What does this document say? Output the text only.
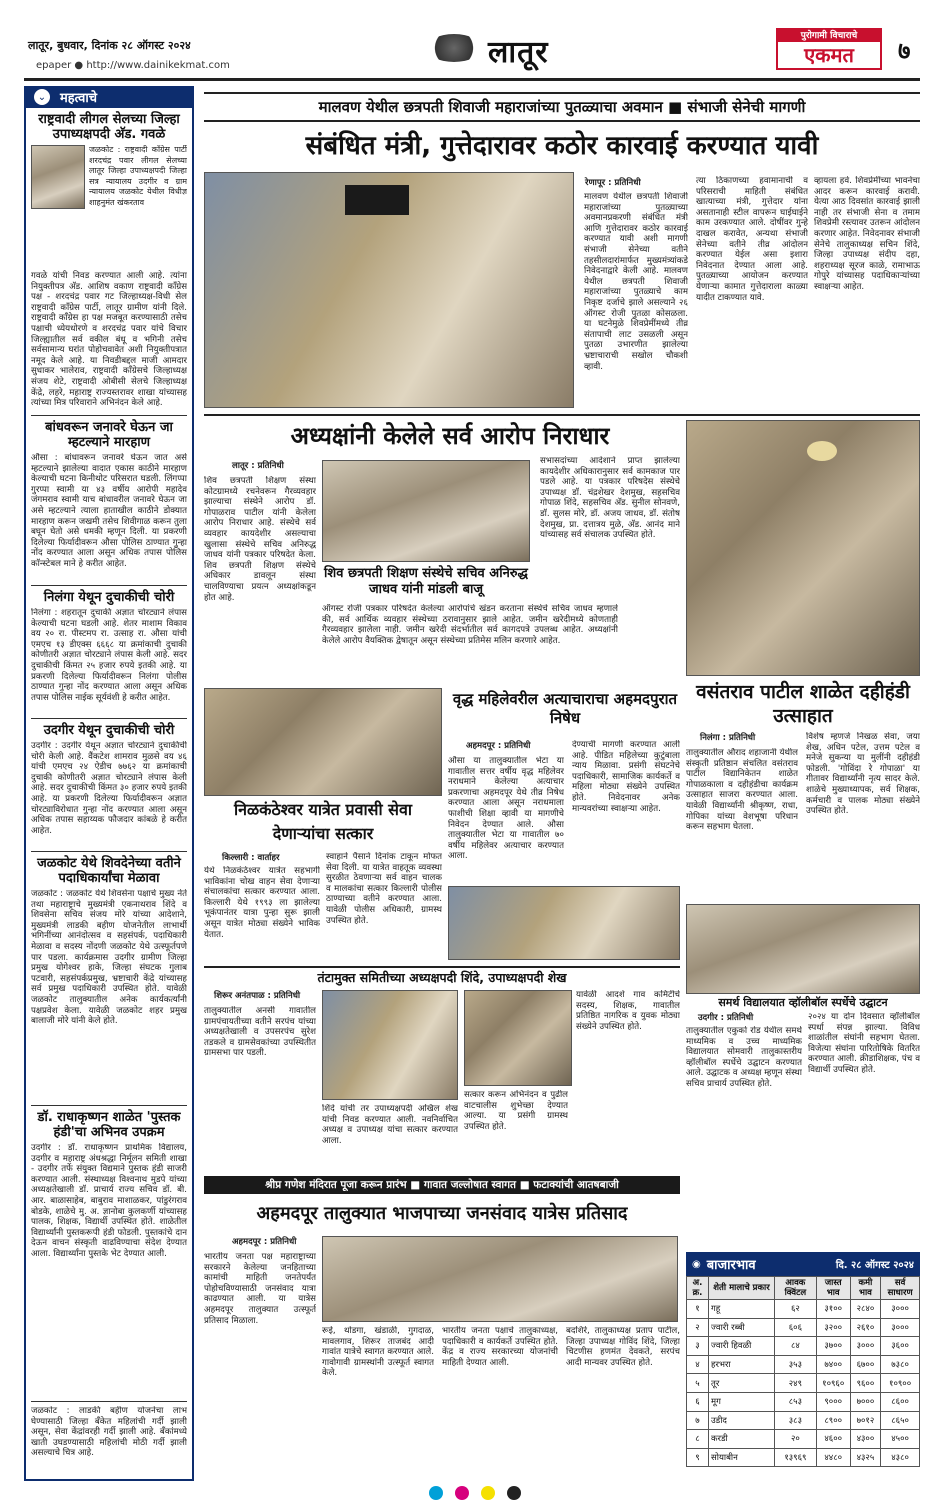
लातूर, बुधवार, दिनांक २८ ऑगस्ट २०२४
epaper ● http://www.dainikekmat.com	लातूर	पुरोगामी विचाराचे
एकमत	७
⌄ महत्वाचे
राष्ट्रवादी लीगल सेलच्या जिल्हा उपाध्यक्षपदी अ‍ॅड. गवळे
जळकोट : राष्ट्रवादी काँग्रेस पार्टी शरदचंद्र पवार लीगल सेलच्या लातूर जिल्हा उपाध्यक्षपदी जिल्हा सत्र न्यायालय उदगीर व ग्राम न्यायालय जळकोट येथील विधीज्ञ शाहनुमंत खंकरताव
गवळे यांची निवड करण्यात आली आहे. त्यांना नियुक्तीपत्र अ‍ॅड. आशिष वकाण राष्ट्रवादी काँग्रेस पक्ष - शरदचंद्र पवार गट जिल्हाध्यक्ष-विधी सेल राष्ट्रवादी काँग्रेस पार्टी, लातूर ग्रामीण यांनी दिले. राष्ट्रवादी काँग्रेस हा पक्ष मजबूत करण्यासाठी तसेच पक्षाची ध्येयधोरणे व शरदचंद्र पवार यांचे विचार जिल्ह्यातील सर्व वकील बंधू व भगिनी तसेच सर्वसामान्य घरांत पोहोचवावेत अशी नियुक्तीपत्रात नमूद केले आहे. या निवडीबद्दल माजी आमदार सुधाकर भालेराव, राष्ट्रवादी काँग्रेसचे जिल्हाध्यक्ष संजय शेटे, राष्ट्रवादी ओबीसी सेलचे जिल्हाध्यक्ष केंद्रे, लहरे, महाराष्ट्र राज्यस्तरावर शाखा यांच्यासह त्यांच्या मित्र परिवाराने अभिनंदन केले आहे.
बांधवरून जनावरे घेऊन जा म्हटल्याने मारहाण
औसा : बांधावरून जनावरे घेऊन जात असे म्हटल्याने झालेल्या वादात एकास काठीने मारहाण केल्याची घटना किनीथोट परिसरात घडली. लिंगप्पा गुरप्पा स्वामी या ४३ वर्षीय आरोपी महादेव जंगमराव स्वामी याच बांधावरील जनावरे घेऊन जा असे म्हटल्याने त्याला हाताखील काठीने डोक्यात मारहाण करून जखमी तसेच शिवीगाळ करून तुला बघून घेतो असे धमकी म्हणून दिली. या प्रकरणी दिलेल्या फिर्यादीवरून औसा पोलिस ठाण्यात गुन्हा नोंद करण्यात आला असून अधिक तपास पोलिस कॉन्स्टेबल माने हे करीत आहेत.
निलंगा येथून दुचाकीची चोरी
निलंगा : शहरातून दुचाकी अज्ञात चोरट्याने लंपास केल्याची घटना घडली आहे. शेतर माशाम विकाव वय २० रा. पीस्टमप रा. उत्साह रा. औसा यांची एमएच १३ डीएक्स ६६६८ या क्रमांकाची दुचाकी कोणीतरी अज्ञात चोरट्याने लंपास केली आहे. सदर दुचाकीची किंमत २५ हजार रुपये इतकी आहे. या प्रकरणी दिलेल्या फिर्यादीवरून निलंगा पोलीस ठाण्यात गुन्हा नोंद करण्यात आला असून अधिक तपास पोलिस नाईक सूर्यवंशी हे करीत आहेत.
उदगीर येथून दुचाकीची चोरी
उदगीर : उदगीर येथून अज्ञात चोरट्याने दुचाकीची चोरी केली आहे. वैंकटेश शामराव मुळसे वय ४६ यांची एमएच २४ ऐडीच ७७६२ या क्रमांकाची दुचाकी कोणीतरी अज्ञात चोरट्याने लंपास केली आहे. सदर दुचाकीची किंमत ३० हजार रुपये इतकी आहे. या प्रकरणी दिलेल्या फिर्यादीवरून अज्ञात चोरट्याविरोधात गुन्हा नोंद करण्यात आला असून अधिक तपास सहाय्यक फौजदार कांबळे हे करीत आहेत.
जळकोट येथे शिवदेनेच्या वतीने पदाधिकार्यांचा मेळावा
जळकोट : जळकोट येथे शिवसेना पक्षाचे मुख्य नेते तथा महाराष्ट्राचे मुख्यमंत्री एकनाथराव शिंदे व शिवसेना सचिव संजय मोरे यांच्या आदेशाने, मुख्यमंत्री लाडकी बहीण योजनेतील लाभार्थी भगिनींच्या आनंदोत्सव व सहसंपर्क, पदाधिकारी मेळावा व सदस्य नोंदणी जळकोट येथे उत्स्फूर्तपणे पार पडला. कार्यक्रमास उदगीर ग्रामीण जिल्हा प्रमुख योगेश्वर हाके, जिल्हा संघटक गुलाब पटवारी, सहसंपर्कप्रमुख, भ्रष्टाचारी केंद्रे यांच्यासह सर्व प्रमुख पदाधिकारी उपस्थित होते. यावेळी जळकोट तालुक्यातील अनेक कार्यकर्त्यांनी पक्षप्रवेश केला. यावेळी जळकोट शहर प्रमुख बालाजी मोरे यांनी केले होते.
डॉ. राधाकृष्णन शाळेत 'पुस्तक हंडी'चा अभिनव उपक्रम
उदगीर : डॉ. राधाकृष्णन प्राथमिक विद्यालय, उदगीर व महाराष्ट्र अंधश्रद्धा निर्मूलन समिती शाखा - उदगीर तर्फे संयुक्त विद्यमाने पुस्तक हंडी साजरी करण्यात आली. संस्थाध्यक्ष विश्वनाथ मुडपे यांच्या अध्यक्षतेखाली डॉ. प्राचार्य राज्य सचिव डॉ. बी. आर. बाळासाहेब, बाबुराव माशाळकर, पांडुरंगराव बोडके, शाळेचे मु. अ. ज्ञानोबा कुलकर्णी यांच्यासह पालक, शिक्षक, विद्यार्थी उपस्थित होते. शाळेतील विद्यार्थ्यांनी पुस्तकरूपी हंडी फोडली. पुस्तकांचे दान देऊन वाचन संस्कृती वाढविण्याचा संदेश देण्यात आला. विद्यार्थ्यांना पुस्तके भेट देण्यात आली.
जळकोट : लाडकी बहीण योजनेचा लाभ घेण्यासाठी जिल्हा बँकेत महिलांची गर्दी झाली असून, सेवा केंद्रांवरही गर्दी झाली आहे. बँकांमध्ये खाती उघडण्यासाठी महिलांची मोठी गर्दी झाली असल्याचे चित्र आहे.
मालवण येथील छत्रपती शिवाजी महाराजांच्या पुतळ्याचा अवमान ■ संभाजी सेनेची मागणी
संबंधित मंत्री, गुत्तेदारावर कठोर कारवाई करण्यात यावी
रेणापूर : प्रतिनिधी
मालवण येथील छत्रपती शिवाजी महाराजांच्या पुतळ्याच्या अवमानप्रकरणी संबंधित मंत्री आणि गुत्तेदारावर कठोर कारवाई करण्यात यावी अशी मागणी संभाजी सेनेच्या वतीने तहसीलदारांमार्फत मुख्यमंत्र्यांकडे निवेदनाद्वारे केली आहे. मालवण येथील छत्रपती शिवाजी महाराजांच्या पुतळ्याचे काम निकृष्ट दर्जाचे झाले असल्याने २६ ऑगस्ट रोजी पुतळा कोसळला. या घटनेमुळे शिवप्रेमींमध्ये तीव्र संतापाची लाट उसळली असून पुतळा उभारणीत झालेल्या भ्रष्टाचाराची सखोल चौकशी व्हावी.
त्या ठिकाणच्या हवामानाची व परिसराची माहिती संबंधित खात्याच्या मंत्री, गुत्तेदार यांना असतानाही स्टील वापरून घाईघाईने काम उरकण्यात आले. दोषींवर गुन्हे दाखल करावेत, अन्यथा संभाजी सेनेच्या वतीने तीव्र आंदोलन करण्यात येईल असा इशारा निवेदनात देण्यात आला आहे. पुतळ्याच्या आयोजन करण्यात येणाऱ्या कामात गुत्तेदाराला काळ्या यादीत टाकण्यात यावे.
व्हायला हवे. शिवप्रेमींच्या भावनेचा आदर करून कारवाई करावी. येत्या आठ दिवसांत कारवाई झाली नाही तर संभाजी सेना व तमाम शिवप्रेमी रस्त्यावर उतरून आंदोलन करणार आहेत. निवेदनावर संभाजी सेनेचे तालुकाध्यक्ष सचिन शिंदे, जिल्हा उपाध्यक्ष संदीप दहा, शहराध्यक्ष सूरज काळे, रामाभाऊ गोपुरे यांच्यासह पदाधिकाऱ्यांच्या स्वाक्षऱ्या आहेत.
अध्यक्षांनी केलेले सर्व आरोप निराधार
लातूर : प्रतिनिधी
शिव छत्रपती शिक्षण संस्था कोटग्रामध्ये रचनेवरून गैरव्यवहार झाल्याचा संस्थेने आरोप डॉ. गोपाळराव पाटील यांनी केलेला आरोप निराधार आहे. संस्थेचे सर्व व्यवहार कायदेशीर असल्याचा खुलासा संस्थेचे सचिव अनिरुद्ध जाधव यांनी पत्रकार परिषदेत केला. शिव छत्रपती शिक्षण संस्थेचे अधिकार डावलून संस्था चालविण्याचा प्रयत्न अध्यक्षांकडून होत आहे.
शिव छत्रपती शिक्षण संस्थेचे सचिव अनिरुद्ध जाधव यांनी मांडली बाजू
ऑगस्ट रोजी पत्रकार परिषदेत केलेल्या आरोपांचे खंडन करताना संस्थेचे सचिव जाधव म्हणाले की, सर्व आर्थिक व्यवहार संस्थेच्या ठरावानुसार झाले आहेत. जमीन खरेदीमध्ये कोणताही गैरव्यवहार झालेला नाही. जमीन खरेदी संदर्भातील सर्व कागदपत्रे उपलब्ध आहेत. अध्यक्षांनी केलेले आरोप वैयक्तिक द्वेषातून असून संस्थेच्या प्रतिमेस मलिन करणारे आहेत.
सभासदांच्या आदेशाने प्राप्त झालेल्या कायदेशीर अधिकारानुसार सर्व कामकाज पार पडले आहे. या पत्रकार परिषदेस संस्थेचे उपाध्यक्ष डॉ. चंद्रशेखर देशमुख, सहसचिव गोपाळ शिंदे, सहसचिव अ‍ॅड. सुनील सोनवणे, डॉ. सुलस मोरे, डॉ. अजय जाधव, डॉ. संतोष देशमुख, प्रा. दत्तात्रय मुळे, अ‍ॅड. आनंद माने यांच्यासह सर्व संचालक उपस्थित होते.
वसंतराव पाटील शाळेत दहीहंडी उत्साहात
निलंगा : प्रतिनिधी
तालुक्यातील औराद शहाजानी येथील संस्कृती प्रतिष्ठान संचलित वसंतराव पाटील विद्यानिकेतन शाळेत गोपाळकाला व दहीहंडीचा कार्यक्रम उत्साहात साजरा करण्यात आला. यावेळी विद्यार्थ्यांनी श्रीकृष्ण, राधा, गोपिका यांच्या वेशभूषा परिधान करून सहभाग घेतला.
विशेष म्हणजे निखळ सेवा, जया शेख, अधिन पटेल, उत्तम पटेल व मनेजे सुकन्या या मुलींनी दहीहंडी फोडली. 'गोविंदा रे गोपाळा' या गीतावर विद्यार्थ्यांनी नृत्य सादर केले. शाळेचे मुख्याध्यापक, सर्व शिक्षक, कर्मचारी व पालक मोठ्या संख्येने उपस्थित होते.
वृद्ध महिलेवरील अत्याचाराचा अहमदपुरात निषेध
अहमदपूर : प्रतिनिधी
औसा या तालुक्यातील भेटा या गावातील सत्तर वर्षीय वृद्ध महिलेवर नराधमाने केलेल्या अत्याचार प्रकरणाचा अहमदपूर येथे तीव्र निषेध करण्यात आला असून नराधमाला फाशीची शिक्षा व्हावी या मागणीचे निवेदन देण्यात आले. औसा तालुक्यातील भेटा या गावातील ७० वर्षीय महिलेवर अत्याचार करण्यात आला.
देण्याची मागणी करण्यात आली आहे. पीडित महिलेच्या कुटुंबाला न्याय मिळावा. प्रसंगी संघटनेचे पदाधिकारी, सामाजिक कार्यकर्ते व महिला मोठ्या संख्येने उपस्थित होते. निवेदनावर अनेक मान्यवरांच्या स्वाक्षऱ्या आहेत.
निळकंठेश्वर यात्रेत प्रवासी सेवा देणाऱ्यांचा सत्कार
किल्लारी : वार्ताहर
येथे निळकंठेश्वर यात्रेत सहभागी भाविकांना चोख वाहन सेवा देणाऱ्या संचालकांचा सत्कार करण्यात आला. किल्लारी येथे १९९३ ला झालेल्या भूकंपानंतर यात्रा पुन्हा सुरू झाली असून यात्रेत मोठ्या संख्येने भाविक येतात.
स्वाहाने पैसाने दिनांक टाकून मोफत सेवा दिली. या यात्रेत वाहतूक व्यवस्था सुरळीत ठेवणाऱ्या सर्व वाहन चालक व मालकांचा सत्कार किल्लारी पोलीस ठाण्याच्या वतीने करण्यात आला. यावेळी पोलीस अधिकारी, ग्रामस्थ उपस्थित होते.
समर्थ विद्यालयात व्हॉलीबॉल स्पर्धेचे उद्घाटन
उदगीर : प्रतिनिधी
तालुक्यातील एकुर्का रोड येथील समर्थ माध्यमिक व उच्च माध्यमिक विद्यालयात सोमवारी तालुकास्तरीय व्हॉलीबॉल स्पर्धेचे उद्घाटन करण्यात आले. उद्घाटक व अध्यक्ष म्हणून संस्था सचिव प्राचार्य उपस्थित होते.
२०२४ या दोन दिवसात व्हॉलीबॉल स्पर्धा संपन्न झाल्या. विविध शाळांतील संघांनी सहभाग घेतला. विजेत्या संघांना पारितोषिके वितरित करण्यात आली. क्रीडाशिक्षक, पंच व विद्यार्थी उपस्थित होते.
तंटामुक्त समितीच्या अध्यक्षपदी शिंदे, उपाध्यक्षपदी शेख
शिरूर अनंतपाळ : प्रतिनिधी
तालुक्यातील अनसी गावातील ग्रामपंचायतीच्या वतीने सरपंच यांच्या अध्यक्षतेखाली व उपसरपंच सुरेश तडकले व ग्रामसेवकांच्या उपस्थितीत ग्रामसभा पार पडली.
शिंदे यांची तर उपाध्यक्षपदी अखिल शेख यांची निवड करण्यात आली. नवनिर्वाचित अध्यक्ष व उपाध्यक्ष यांचा सत्कार करण्यात आला.
सत्कार करून अभिनंदन व पुढील वाटचालीस शुभेच्छा देण्यात आल्या. या प्रसंगी ग्रामस्थ उपस्थित होते.
यावेळी आदर्श गाव कमिटीचे सदस्य, शिक्षक, गावातील प्रतिष्ठित नागरिक व युवक मोठ्या संख्येने उपस्थित होते.
श्रीप्र गणेश मंदिरात पूजा करून प्रारंभ ■ गावात जल्लोषात स्वागत ■ फटाक्यांची आतषबाजी
अहमदपूर तालुक्यात भाजपाच्या जनसंवाद यात्रेस प्रतिसाद
अहमदपूर : प्रतिनिधी
भारतीय जनता पक्ष महाराष्ट्राच्या सरकारने केलेल्या जनहिताच्या कामांची माहिती जनतेपर्यंत पोहोचविण्यासाठी जनसंवाद यात्रा काढण्यात आली. या यात्रेस अहमदपूर तालुक्यात उत्स्फूर्त प्रतिसाद मिळाला.
रूई, थोडगा, खंडाळी, गुगदाळ, मावलगाव, शिरूर ताजबंद आदी गावांत यात्रेचे स्वागत करण्यात आले. गावोगावी ग्रामस्थांनी उत्स्फूर्त स्वागत केले.
भारतीय जनता पक्षाचे तालुकाध्यक्ष, पदाधिकारी व कार्यकर्ते उपस्थित होते. केंद्र व राज्य सरकारच्या योजनांची माहिती देण्यात आली.
बदशिरे, तालुकाध्यक्ष प्रताप पाटील, जिल्हा उपाध्यक्ष गोविंद शिंदे, जिल्हा चिटणीस हणमंत देवकते, सरपंच आदी मान्यवर उपस्थित होते.
◉ बाजारभाव	दि. २८ ऑगस्ट २०२४
अ. क्र.	शेती मालाचे प्रकार	आवक क्विंटल	जास्त भाव	कमी भाव	सर्व साधारण
१	गहू	६२	३१००	२८४०	३०००
२	ज्वारी रब्बी	६०६	३२००	२६१०	३०००
३	ज्वारी हिवळी	८४	३७००	३०००	३६००
४	हरभरा	३५३	७४००	६७००	७३८०
५	तूर	२४९	१०९६०	९६००	१०९००
६	मूग	८५३	९०००	७०००	८६००
७	उडीद	३८३	८९००	७०१२	८६५०
८	करडी	२०	४६००	४३००	४५००
९	सोयाबीन	१३९६९	४४८०	४३२५	४३८०
